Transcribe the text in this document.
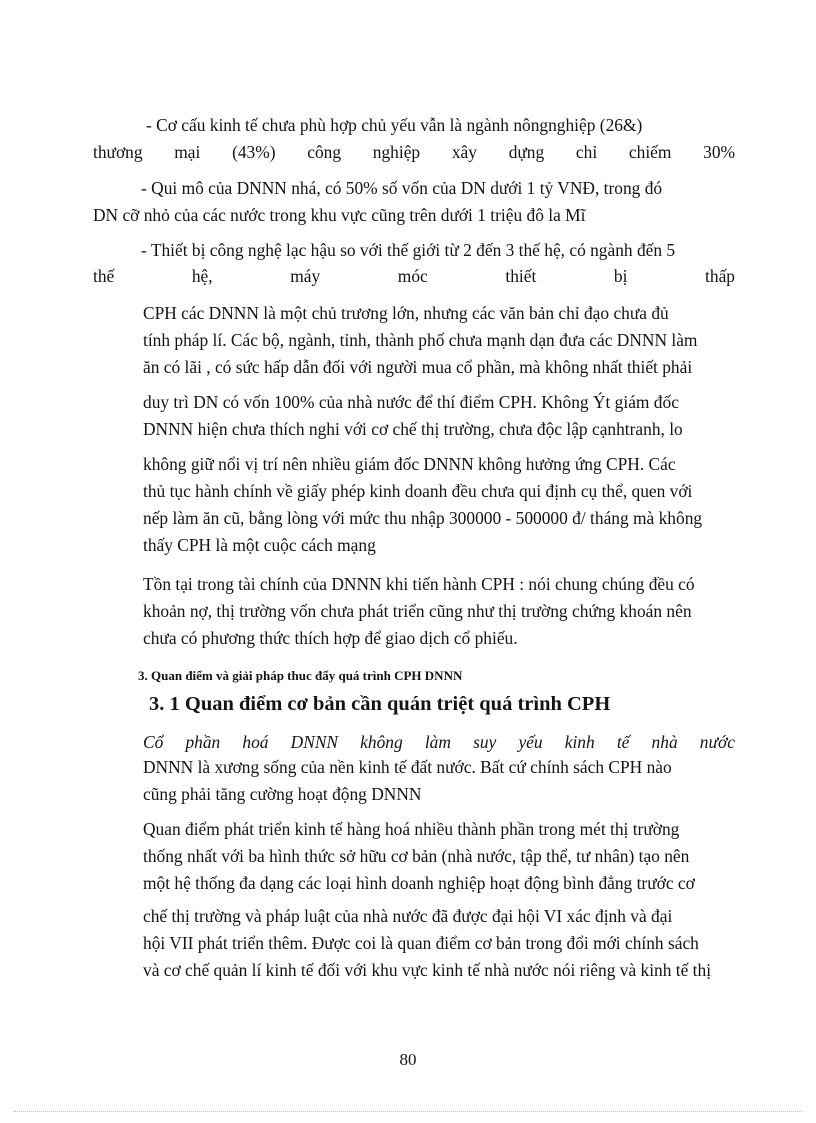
- Cơ cấu kinh tế chưa phù hợp chủ yếu vẫn là ngành nôngnghiệp (26&)

thương mại (43%) công nghiệp xây dựng chỉ chiếm 30%

- Qui mô của DNNN nhá, có 50% số vốn của DN dưới 1 tỷ VNĐ, trong đó

DN cỡ nhỏ của các nước trong khu vực cũng trên dưới 1 triệu đô la Mĩ

- Thiết bị công nghệ lạc hậu so với thế giới từ 2 đến 3 thế hệ, có ngành đến 5

thế hệ, máy móc thiết bị thấp

CPH các DNNN là một chủ trương lớn, nhưng các văn bản chỉ đạo chưa đủ

tính pháp lí. Các bộ, ngành, tỉnh, thành phố chưa mạnh dạn đưa các DNNN làm

ăn có lãi , có sức hấp dẫn đối với người mua cổ phần, mà không nhất thiết phải

duy trì DN có vốn 100% của nhà nước để thí điểm CPH. Không Ýt giám đốc

DNNN hiện chưa thích nghi với cơ chế thị trường, chưa độc lập cạnhtranh, lo

không giữ nổi vị trí nên nhiều giám đốc DNNN không hưởng ứng CPH. Các

thủ tục hành chính về giấy phép kinh doanh đều chưa qui định cụ thể, quen với

nếp làm ăn cũ, bằng lòng với mức thu nhập 300000 - 500000 đ/ tháng mà không

thấy CPH là một cuộc cách mạng

Tồn tại trong tài chính của DNNN khi tiến hành CPH : nói chung chúng đều có

khoản nợ, thị trường vốn chưa phát triển cũng như thị trường chứng khoán nên

chưa có phương thức thích hợp để giao dịch cổ phiếu.

3. Quan điểm và giải pháp thuc đẩy quá trình CPH DNNN

3. 1 Quan điểm cơ bản cần quán triệt quá trình CPH

Cổ phần hoá DNNN không làm suy yếu kinh tế nhà nước

DNNN là xương sống của nền kinh tế đất nước. Bất cứ chính sách CPH nào

cũng phải tăng cường hoạt động DNNN

Quan điểm phát triển kinh tế hàng hoá nhiều thành phần trong mét thị trường

thống nhất với ba hình thức sở hữu cơ bản (nhà nước, tập thể, tư nhân) tạo nên

một hệ thống đa dạng các loại hình doanh nghiệp hoạt động bình đẳng trước cơ

chế thị trường và pháp luật của nhà nước đã được đại hội VI xác định và đại

hội VII phát triển thêm. Được coi là quan điểm cơ bản trong đổi mới chính sách

và cơ chế quản lí kinh tế đối với khu vực kinh tế nhà nước nói riêng và kinh tế thị

80
